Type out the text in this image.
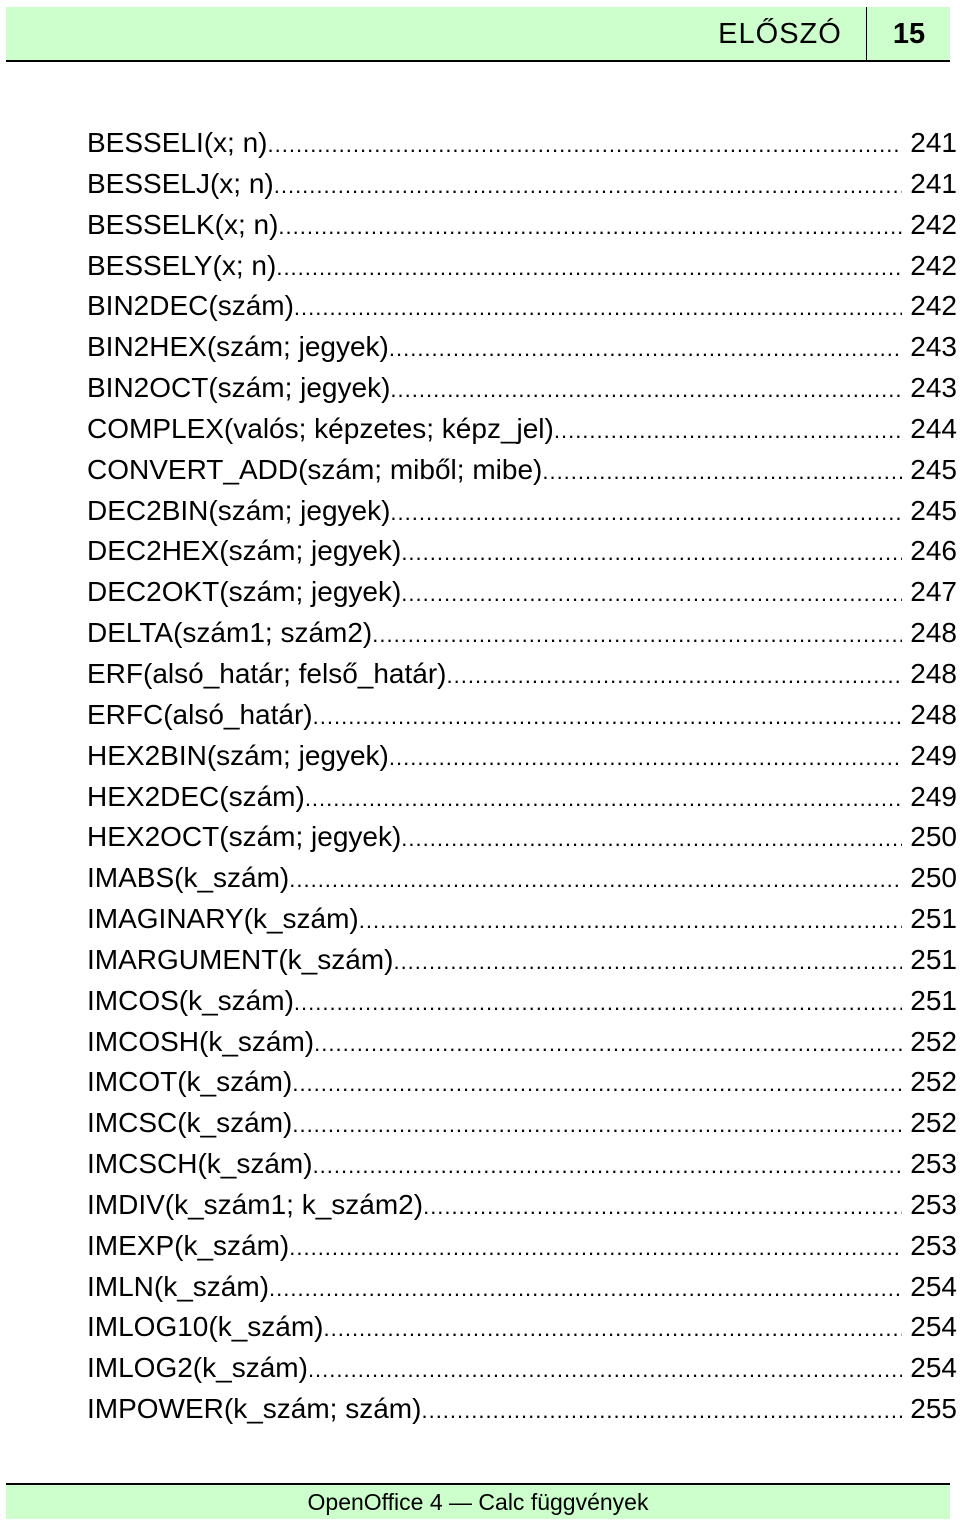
ELŐSZÓ	15
BESSELI(x; n) .....	241
BESSELJ(x; n) .....	241
BESSELK(x; n) .....	242
BESSELY(x; n) .....	242
BIN2DEC(szám) .....	242
BIN2HEX(szám; jegyek) .....	243
BIN2OCT(szám; jegyek) .....	243
COMPLEX(valós; képzetes; képz_jel) .....	244
CONVERT_ADD(szám; miből; mibe) .....	245
DEC2BIN(szám; jegyek) .....	245
DEC2HEX(szám; jegyek) .....	246
DEC2OKT(szám; jegyek) .....	247
DELTA(szám1; szám2) .....	248
ERF(alsó_határ; felső_határ) .....	248
ERFC(alsó_határ) .....	248
HEX2BIN(szám; jegyek) .....	249
HEX2DEC(szám) .....	249
HEX2OCT(szám; jegyek) .....	250
IMABS(k_szám) .....	250
IMAGINARY(k_szám) .....	251
IMARGUMENT(k_szám) .....	251
IMCOS(k_szám) .....	251
IMCOSH(k_szám) .....	252
IMCOT(k_szám) .....	252
IMCSC(k_szám) .....	252
IMCSCH(k_szám) .....	253
IMDIV(k_szám1; k_szám2) .....	253
IMEXP(k_szám) .....	253
IMLN(k_szám) .....	254
IMLOG10(k_szám) .....	254
IMLOG2(k_szám) .....	254
IMPOWER(k_szám; szám) .....	255
OpenOffice 4 — Calc függvények
